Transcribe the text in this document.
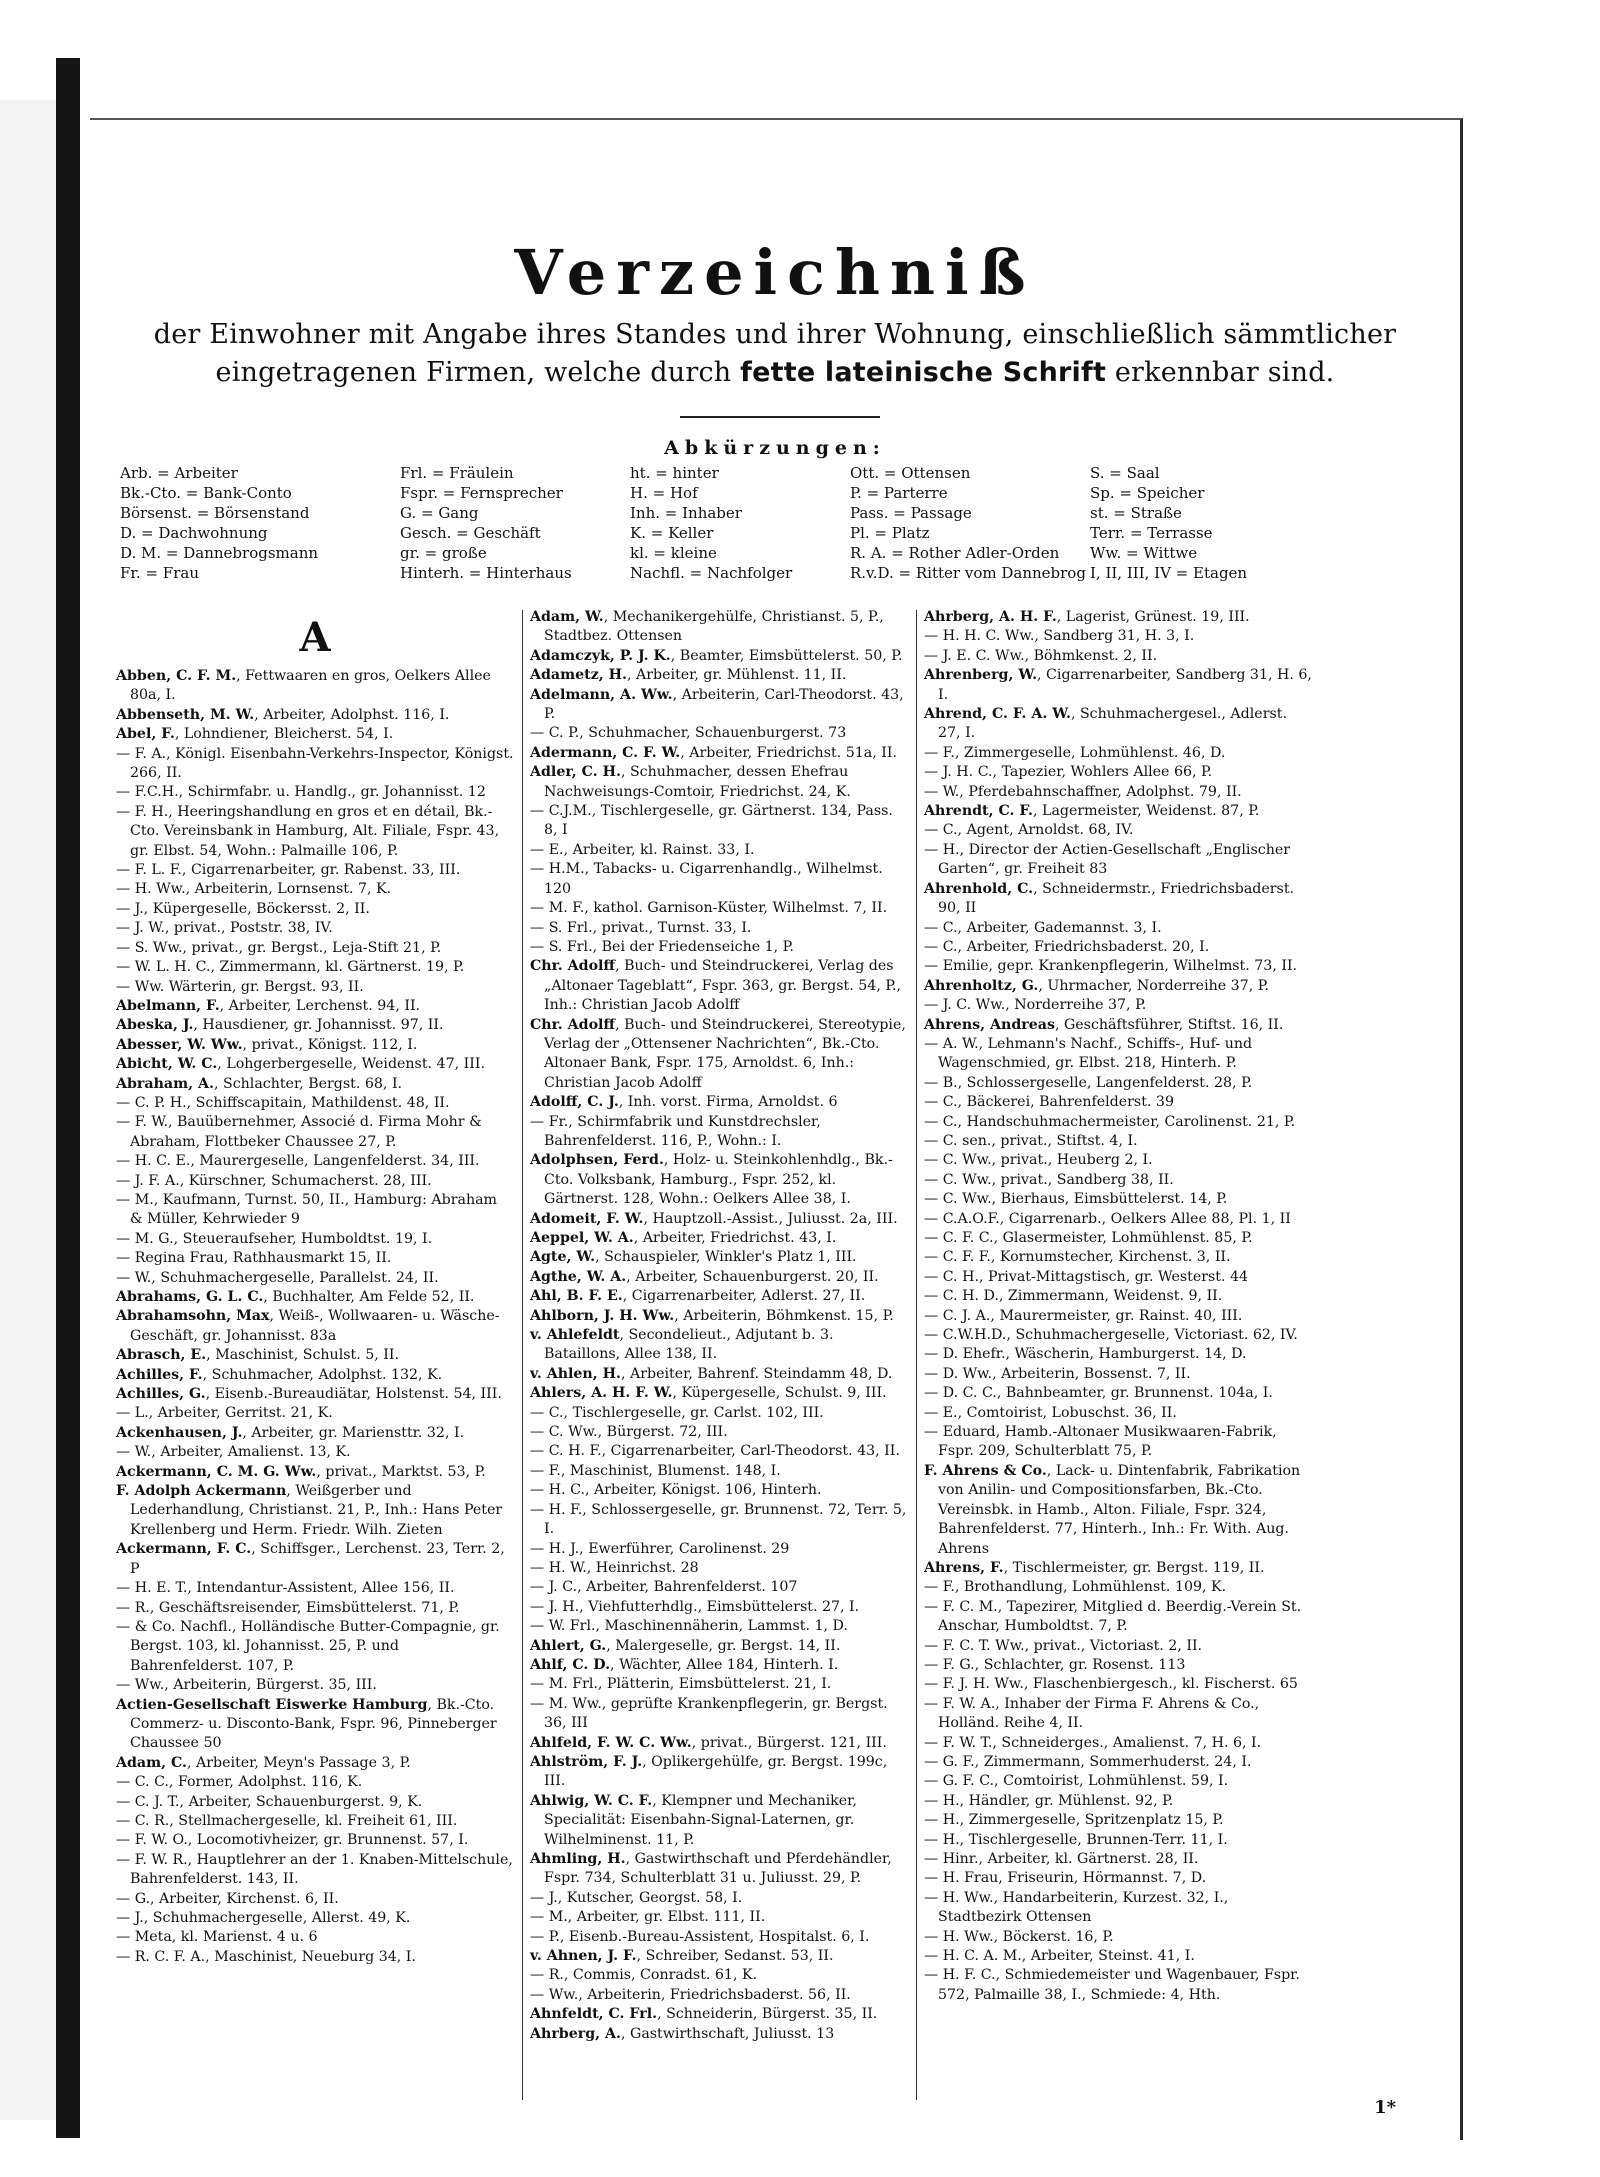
Verzeichniß
der Einwohner mit Angabe ihres Standes und ihrer Wohnung, einschließlich sämmtlicher eingetragenen Firmen, welche durch fette lateinische Schrift erkennbar sind.
Abkürzungen:
Arb. = Arbeiter
Bk.-Cto. = Bank-Conto
Börsenst. = Börsenstand
D. = Dachwohnung
D. M. = Dannebrogsmann
Fr. = Frau
Frl. = Fräulein
Fspr. = Fernsprecher
G. = Gang
Gesch. = Geschäft
gr. = große
Hinterh. = Hinterhaus
ht. = hinter
H. = Hof
Inh. = Inhaber
K. = Keller
kl. = kleine
Nachfl. = Nachfolger
Ott. = Ottensen
P. = Parterre
Pass. = Passage
Pl. = Platz
R. A. = Rother Adler-Orden
R.v.D. = Ritter vom Dannebrog
S. = Saal
Sp. = Speicher
st. = Straße
Terr. = Terrasse
Ww. = Wittwe
I, II, III, IV = Etagen
A
Abben, C. F. M., Fettwaaren en gros, Oelkers Allee 80a, I.
Abbenseth, M. W., Arbeiter, Adolphst. 116, I.
Abel, F., Lohndiener, Bleicherst. 54, I.
— F. A., Königl. Eisenbahn-Verkehrs-Inspector, Königst. 266, II.
— F.C.H., Schirmfabr. u. Handlg., gr. Johannisst. 12
— F. H., Heeringshandlung en gros et en détail, Bk.-Cto. Vereinsbank in Hamburg, Alt. Filiale, Fspr. 43, gr. Elbst. 54, Wohn.: Palmaille 106, P.
— F. L. F., Cigarrenarbeiter, gr. Rabenst. 33, III.
— H. Ww., Arbeiterin, Lornsenst. 7, K.
— J., Küpergeselle, Böckersst. 2, II.
— J. W., privat., Poststr. 38, IV.
— S. Ww., privat., gr. Bergst., Leja-Stift 21, P.
— W. L. H. C., Zimmermann, kl. Gärtnerst. 19, P.
— Ww. Wärterin, gr. Bergst. 93, II.
Abelmann, F., Arbeiter, Lerchenst. 94, II.
Abeska, J., Hausdiener, gr. Johannisst. 97, II.
Abesser, W. Ww., privat., Königst. 112, I.
Abicht, W. C., Lohgerbergeselle, Weidenst. 47, III.
Abraham, A., Schlachter, Bergst. 68, I.
— C. P. H., Schiffscapitain, Mathildenst. 48, II.
— F. W., Bauübernehmer, Associé d. Firma Mohr & Abraham, Flottbeker Chaussee 27, P.
— H. C. E., Maurergeselle, Langenfelderst. 34, III.
— J. F. A., Kürschner, Schumacherst. 28, III.
— M., Kaufmann, Turnst. 50, II., Hamburg: Abraham & Müller, Kehrwieder 9
— M. G., Steueraufseher, Humboldtst. 19, I.
— Regina Frau, Rathhausmarkt 15, II.
— W., Schuhmachergeselle, Parallelst. 24, II.
Abrahams, G. L. C., Buchhalter, Am Felde 52, II.
Abrahamsohn, Max, Weiß-, Wollwaaren- u. Wäsche-Geschäft, gr. Johannisst. 83a
Abrasch, E., Maschinist, Schulst. 5, II.
Achilles, F., Schuhmacher, Adolphst. 132, K.
Achilles, G., Eisenb.-Bureaudiätar, Holstenst. 54, III.
— L., Arbeiter, Gerritst. 21, K.
Ackenhausen, J., Arbeiter, gr. Mariensttr. 32, I.
— W., Arbeiter, Amalienst. 13, K.
Ackermann, C. M. G. Ww., privat., Marktst. 53, P.
F. Adolph Ackermann, Weißgerber und Lederhandlung, Christianst. 21, P., Inh.: Hans Peter Krellenberg und Herm. Friedr. Wilh. Zieten
Ackermann, F. C., Schiffsger., Lerchenst. 23, Terr. 2, P
— H. E. T., Intendantur-Assistent, Allee 156, II.
— R., Geschäftsreisender, Eimsbüttelerst. 71, P.
— & Co. Nachfl., Holländische Butter-Compagnie, gr. Bergst. 103, kl. Johannisst. 25, P. und Bahrenfelderst. 107, P.
— Ww., Arbeiterin, Bürgerst. 35, III.
Actien-Gesellschaft Eiswerke Hamburg, Bk.-Cto. Commerz- u. Disconto-Bank, Fspr. 96, Pinneberger Chaussee 50
Adam, C., Arbeiter, Meyn's Passage 3, P.
— C. C., Former, Adolphst. 116, K.
— C. J. T., Arbeiter, Schauenburgerst. 9, K.
— C. R., Stellmachergeselle, kl. Freiheit 61, III.
— F. W. O., Locomotivheizer, gr. Brunnenst. 57, I.
— F. W. R., Hauptlehrer an der 1. Knaben-Mittelschule, Bahrenfelderst. 143, II.
— G., Arbeiter, Kirchenst. 6, II.
— J., Schuhmachergeselle, Allerst. 49, K.
— Meta, kl. Marienst. 4 u. 6
— R. C. F. A., Maschinist, Neueburg 34, I.
Adam, W., Mechanikergehülfe, Christianst. 5, P., Stadtbez. Ottensen
Adamczyk, P. J. K., Beamter, Eimsbüttelerst. 50, P.
Adametz, H., Arbeiter, gr. Mühlenst. 11, II.
Adelmann, A. Ww., Arbeiterin, Carl-Theodorst. 43, P.
— C. P., Schuhmacher, Schauenburgerst. 73
Adermann, C. F. W., Arbeiter, Friedrichst. 51a, II.
Adler, C. H., Schuhmacher, dessen Ehefrau Nachweisungs-Comtoir, Friedrichst. 24, K.
— C.J.M., Tischlergeselle, gr. Gärtnerst. 134, Pass. 8, I
— E., Arbeiter, kl. Rainst. 33, I.
— H.M., Tabacks- u. Cigarrenhandlg., Wilhelmst. 120
— M. F., kathol. Garnison-Küster, Wilhelmst. 7, II.
— S. Frl., privat., Turnst. 33, I.
— S. Frl., Bei der Friedenseiche 1, P.
Chr. Adolff, Buch- und Steindruckerei, Verlag des „Altonaer Tageblatt“, Fspr. 363, gr. Bergst. 54, P., Inh.: Christian Jacob Adolff
Chr. Adolff, Buch- und Steindruckerei, Stereotypie, Verlag der „Ottensener Nachrichten“, Bk.-Cto. Altonaer Bank, Fspr. 175, Arnoldst. 6, Inh.: Christian Jacob Adolff
Adolff, C. J., Inh. vorst. Firma, Arnoldst. 6
— Fr., Schirmfabrik und Kunstdrechsler, Bahrenfelderst. 116, P., Wohn.: I.
Adolphsen, Ferd., Holz- u. Steinkohlenhdlg., Bk.-Cto. Volksbank, Hamburg., Fspr. 252, kl. Gärtnerst. 128, Wohn.: Oelkers Allee 38, I.
Adomeit, F. W., Hauptzoll.-Assist., Juliusst. 2a, III.
Aeppel, W. A., Arbeiter, Friedrichst. 43, I.
Agte, W., Schauspieler, Winkler's Platz 1, III.
Agthe, W. A., Arbeiter, Schauenburgerst. 20, II.
Ahl, B. F. E., Cigarrenarbeiter, Adlerst. 27, II.
Ahlborn, J. H. Ww., Arbeiterin, Böhmkenst. 15, P.
v. Ahlefeldt, Secondelieut., Adjutant b. 3. Bataillons, Allee 138, II.
v. Ahlen, H., Arbeiter, Bahrenf. Steindamm 48, D.
Ahlers, A. H. F. W., Küpergeselle, Schulst. 9, III.
— C., Tischlergeselle, gr. Carlst. 102, III.
— C. Ww., Bürgerst. 72, III.
— C. H. F., Cigarrenarbeiter, Carl-Theodorst. 43, II.
— F., Maschinist, Blumenst. 148, I.
— H. C., Arbeiter, Königst. 106, Hinterh.
— H. F., Schlossergeselle, gr. Brunnenst. 72, Terr. 5, I.
— H. J., Ewerführer, Carolinenst. 29
— H. W., Heinrichst. 28
— J. C., Arbeiter, Bahrenfelderst. 107
— J. H., Viehfutterhdlg., Eimsbüttelerst. 27, I.
— W. Frl., Maschinennäherin, Lammst. 1, D.
Ahlert, G., Malergeselle, gr. Bergst. 14, II.
Ahlf, C. D., Wächter, Allee 184, Hinterh. I.
— M. Frl., Plätterin, Eimsbüttelerst. 21, I.
— M. Ww., geprüfte Krankenpflegerin, gr. Bergst. 36, III
Ahlfeld, F. W. C. Ww., privat., Bürgerst. 121, III.
Ahlström, F. J., Oplikergehülfe, gr. Bergst. 199c, III.
Ahlwig, W. C. F., Klempner und Mechaniker, Specialität: Eisenbahn-Signal-Laternen, gr. Wilhelminenst. 11, P.
Ahmling, H., Gastwirthschaft und Pferdehändler, Fspr. 734, Schulterblatt 31 u. Juliusst. 29, P.
— J., Kutscher, Georgst. 58, I.
— M., Arbeiter, gr. Elbst. 111, II.
— P., Eisenb.-Bureau-Assistent, Hospitalst. 6, I.
v. Ahnen, J. F., Schreiber, Sedanst. 53, II.
— R., Commis, Conradst. 61, K.
— Ww., Arbeiterin, Friedrichsbaderst. 56, II.
Ahnfeldt, C. Frl., Schneiderin, Bürgerst. 35, II.
Ahrberg, A., Gastwirthschaft, Juliusst. 13
Ahrberg, A. H. F., Lagerist, Grünest. 19, III.
— H. H. C. Ww., Sandberg 31, H. 3, I.
— J. E. C. Ww., Böhmkenst. 2, II.
Ahrenberg, W., Cigarrenarbeiter, Sandberg 31, H. 6, I.
Ahrend, C. F. A. W., Schuhmachergesel., Adlerst. 27, I.
— F., Zimmergeselle, Lohmühlenst. 46, D.
— J. H. C., Tapezier, Wohlers Allee 66, P.
— W., Pferdebahnschaffner, Adolphst. 79, II.
Ahrendt, C. F., Lagermeister, Weidenst. 87, P.
— C., Agent, Arnoldst. 68, IV.
— H., Director der Actien-Gesellschaft „Englischer Garten“, gr. Freiheit 83
Ahrenhold, C., Schneidermstr., Friedrichsbaderst. 90, II
— C., Arbeiter, Gademannst. 3, I.
— C., Arbeiter, Friedrichsbaderst. 20, I.
— Emilie, gepr. Krankenpflegerin, Wilhelmst. 73, II.
Ahrenholtz, G., Uhrmacher, Norderreihe 37, P.
— J. C. Ww., Norderreihe 37, P.
Ahrens, Andreas, Geschäftsführer, Stiftst. 16, II.
— A. W., Lehmann's Nachf., Schiffs-, Huf- und Wagenschmied, gr. Elbst. 218, Hinterh. P.
— B., Schlossergeselle, Langenfelderst. 28, P.
— C., Bäckerei, Bahrenfelderst. 39
— C., Handschuhmachermeister, Carolinenst. 21, P.
— C. sen., privat., Stiftst. 4, I.
— C. Ww., privat., Heuberg 2, I.
— C. Ww., privat., Sandberg 38, II.
— C. Ww., Bierhaus, Eimsbüttelerst. 14, P.
— C.A.O.F., Cigarrenarb., Oelkers Allee 88, Pl. 1, II
— C. F. C., Glasermeister, Lohmühlenst. 85, P.
— C. F. F., Kornumstecher, Kirchenst. 3, II.
— C. H., Privat-Mittagstisch, gr. Westerst. 44
— C. H. D., Zimmermann, Weidenst. 9, II.
— C. J. A., Maurermeister, gr. Rainst. 40, III.
— C.W.H.D., Schuhmachergeselle, Victoriast. 62, IV.
— D. Ehefr., Wäscherin, Hamburgerst. 14, D.
— D. Ww., Arbeiterin, Bossenst. 7, II.
— D. C. C., Bahnbeamter, gr. Brunnenst. 104a, I.
— E., Comtoirist, Lobuschst. 36, II.
— Eduard, Hamb.-Altonaer Musikwaaren-Fabrik, Fspr. 209, Schulterblatt 75, P.
F. Ahrens & Co., Lack- u. Dintenfabrik, Fabrikation von Anilin- und Compositionsfarben, Bk.-Cto. Vereinsbk. in Hamb., Alton. Filiale, Fspr. 324, Bahrenfelderst. 77, Hinterh., Inh.: Fr. With. Aug. Ahrens
Ahrens, F., Tischlermeister, gr. Bergst. 119, II.
— F., Brothandlung, Lohmühlenst. 109, K.
— F. C. M., Tapezirer, Mitglied d. Beerdig.-Verein St. Anschar, Humboldtst. 7, P.
— F. C. T. Ww., privat., Victoriast. 2, II.
— F. G., Schlachter, gr. Rosenst. 113
— F. J. H. Ww., Flaschenbiergesch., kl. Fischerst. 65
— F. W. A., Inhaber der Firma F. Ahrens & Co., Holländ. Reihe 4, II.
— F. W. T., Schneiderges., Amalienst. 7, H. 6, I.
— G. F., Zimmermann, Sommerhuderst. 24, I.
— G. F. C., Comtoirist, Lohmühlenst. 59, I.
— H., Händler, gr. Mühlenst. 92, P.
— H., Zimmergeselle, Spritzenplatz 15, P.
— H., Tischlergeselle, Brunnen-Terr. 11, I.
— Hinr., Arbeiter, kl. Gärtnerst. 28, II.
— H. Frau, Friseurin, Hörmannst. 7, D.
— H. Ww., Handarbeiterin, Kurzest. 32, I., Stadtbezirk Ottensen
— H. Ww., Böckerst. 16, P.
— H. C. A. M., Arbeiter, Steinst. 41, I.
— H. F. C., Schmiedemeister und Wagenbauer, Fspr. 572, Palmaille 38, I., Schmiede: 4, Hth.
1*
